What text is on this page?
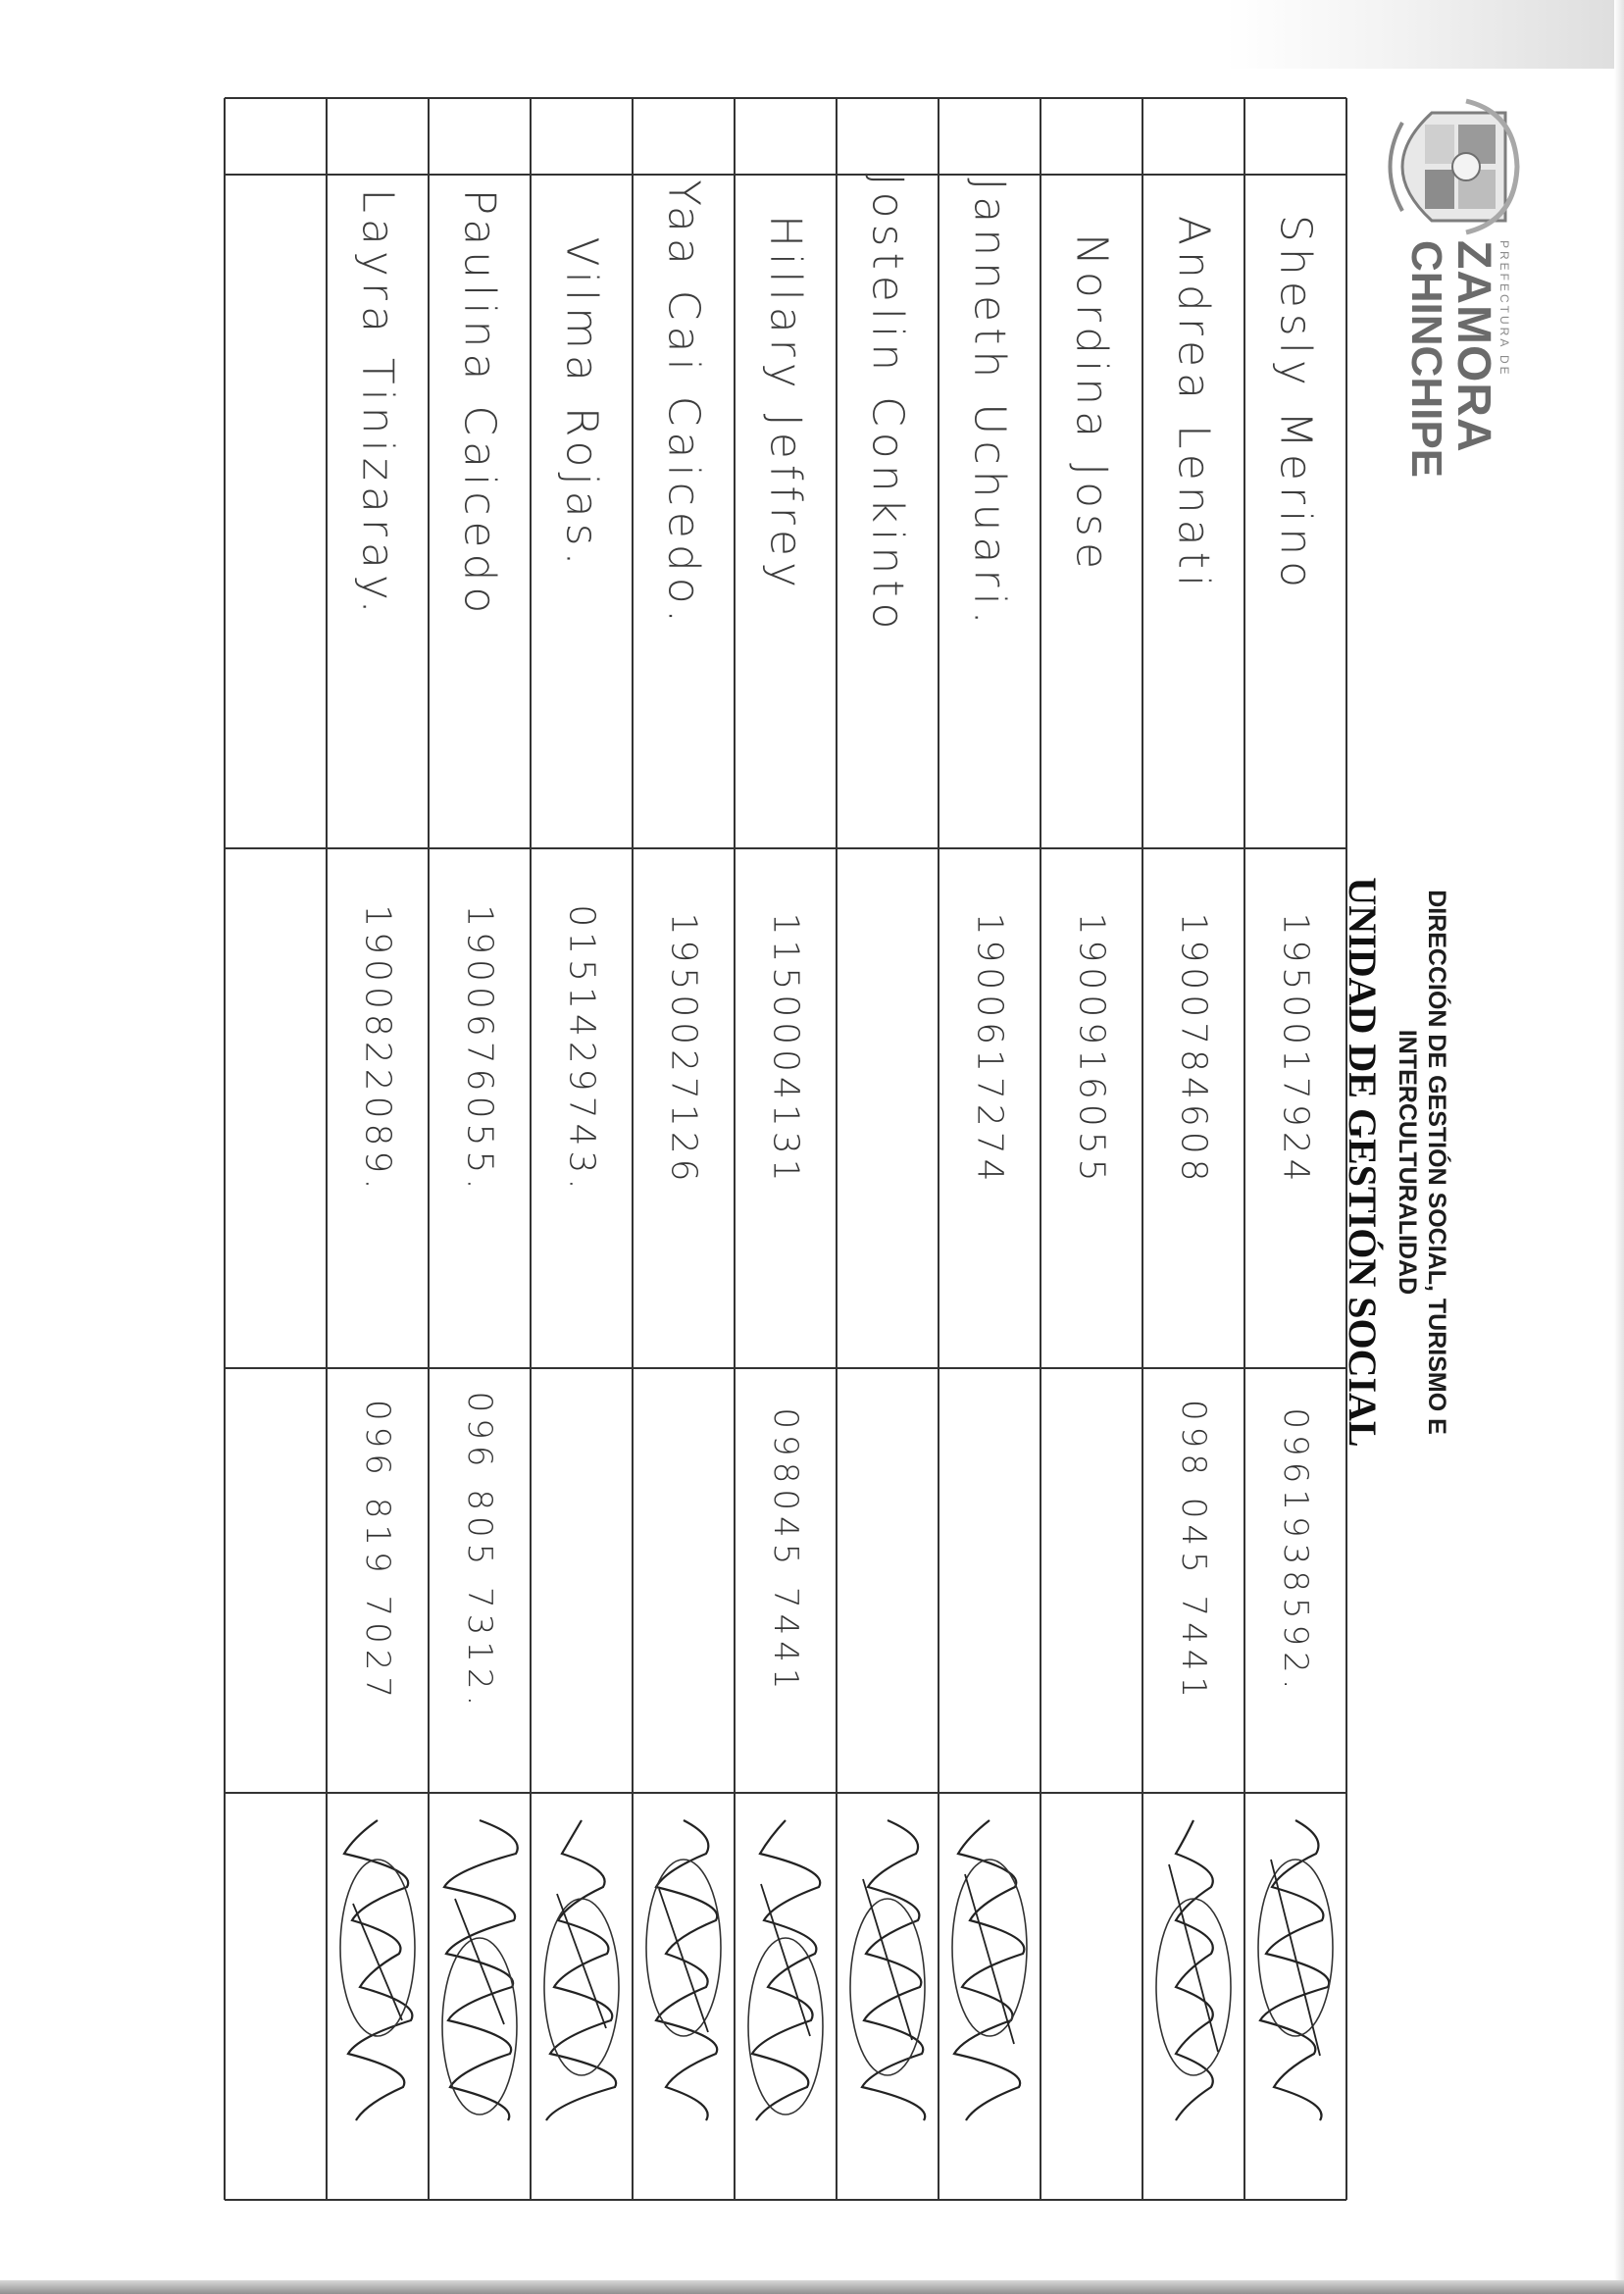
PREFECTURA DE
ZAMORA
CHINCHIPE
DIRECCIÓN DE GESTIÓN SOCIAL, TURISMO E INTERCULTURALIDAD
UNIDAD DE GESTIÓN SOCIAL
Shesly Merino
1950017924
0961938592.
Andrea Lenati
1900784608
098 045 7441
Nordina Jose
1900916055
Janneth Uchuari.
1900617274
Jostelin Conkinto
Hillary Jeffrey
1150004131
098045 7441
Yaa Cai Caicedo.
1950027126
Vilma Rojas.
0151429743.
Paulina Caicedo
1900676055.
096 805 7312.
Layra Tinizaray.
1900822089.
096 819 7027
